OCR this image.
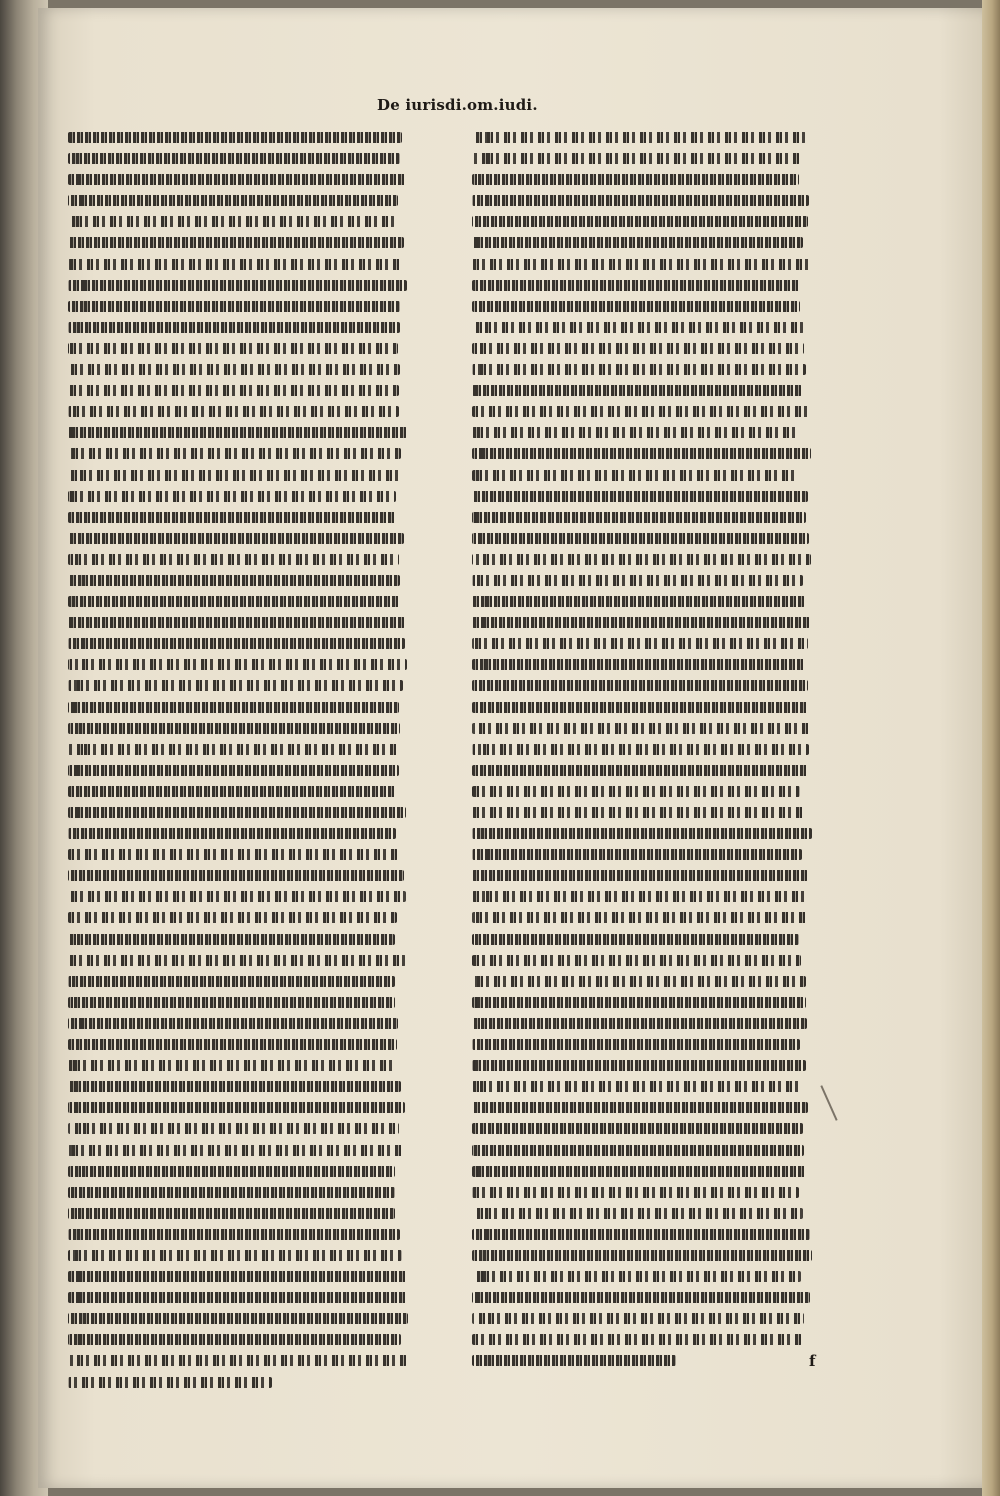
De iurisdi.om.iudi.
f
